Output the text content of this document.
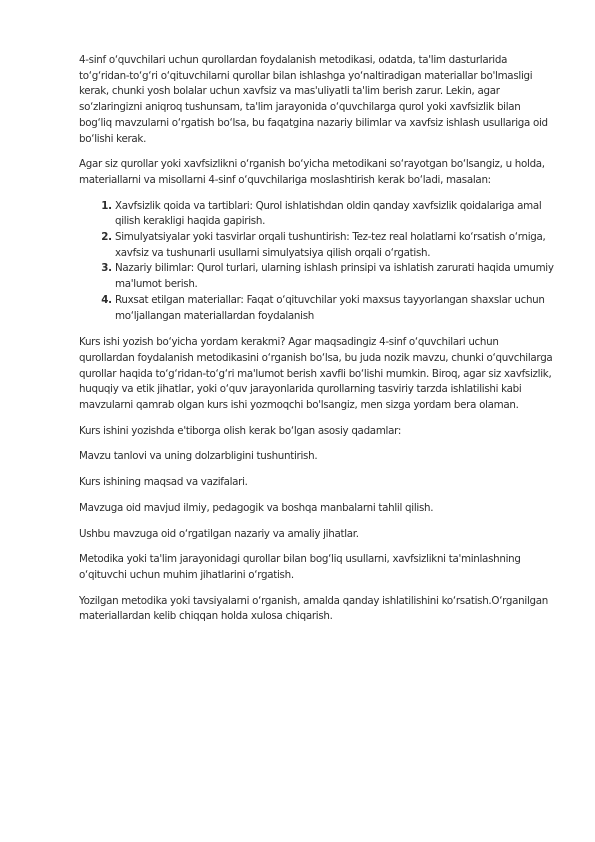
4-sinf o‘quvchilari uchun qurollardan foydalanish metodikasi, odatda, ta'lim dasturlarida to‘g‘ridan-to‘g‘ri o‘qituvchilarni qurollar bilan ishlashga yo‘naltiradigan materiallar bo'lmasligi kerak, chunki yosh bolalar uchun xavfsiz va mas'uliyatli ta'lim berish zarur. Lekin, agar so‘zlaringizni aniqroq tushunsam, ta'lim jarayonida o‘quvchilarga qurol yoki xavfsizlik bilan bog‘liq mavzularni o‘rgatish bo‘lsa, bu faqatgina nazariy bilimlar va xavfsiz ishlash usullariga oid bo‘lishi kerak.

Agar siz qurollar yoki xavfsizlikni o‘rganish bo‘yicha metodikani so‘rayotgan bo‘lsangiz, u holda, materiallarni va misollarni 4-sinf o‘quvchilariga moslashtirish kerak bo‘ladi, masalan:

1. Xavfsizlik qoida va tartiblari: Qurol ishlatishdan oldin qanday xavfsizlik qoidalariga amal qilish kerakligi haqida gapirish.
2. Simulyatsiyalar yoki tasvirlar orqali tushuntirish: Tez-tez real holatlarni ko‘rsatish o‘rniga, xavfsiz va tushunarli usullarni simulyatsiya qilish orqali o‘rgatish.
3. Nazariy bilimlar: Qurol turlari, ularning ishlash prinsipi va ishlatish zarurati haqida umumiy ma'lumot berish.
4. Ruxsat etilgan materiallar: Faqat o‘qituvchilar yoki maxsus tayyorlangan shaxslar uchun mo‘ljallangan materiallardan foydalanish

Kurs ishi yozish bo‘yicha yordam kerakmi? Agar maqsadingiz 4-sinf o‘quvchilari uchun qurollardan foydalanish metodikasini o‘rganish bo‘lsa, bu juda nozik mavzu, chunki o‘quvchilarga qurollar haqida to‘g‘ridan-to‘g‘ri ma'lumot berish xavfli bo‘lishi mumkin. Biroq, agar siz xavfsizlik, huquqiy va etik jihatlar, yoki o‘quv jarayonlarida qurollarning tasviriy tarzda ishlatilishi kabi mavzularni qamrab olgan kurs ishi yozmoqchi bo'lsangiz, men sizga yordam bera olaman.

Kurs ishini yozishda e'tiborga olish kerak bo‘lgan asosiy qadamlar:

Mavzu tanlovi va uning dolzarbligini tushuntirish.

Kurs ishining maqsad va vazifalari.

Mavzuga oid mavjud ilmiy, pedagogik va boshqa manbalarni tahlil qilish.

Ushbu mavzuga oid o‘rgatilgan nazariy va amaliy jihatlar.

Metodika yoki ta'lim jarayonidagi qurollar bilan bog‘liq usullarni, xavfsizlikni ta'minlashning o‘qituvchi uchun muhim jihatlarini o‘rgatish.

Yozilgan metodika yoki tavsiyalarni o‘rganish, amalda qanday ishlatilishini ko‘rsatish.O‘rganilgan materiallardan kelib chiqqan holda xulosa chiqarish.
